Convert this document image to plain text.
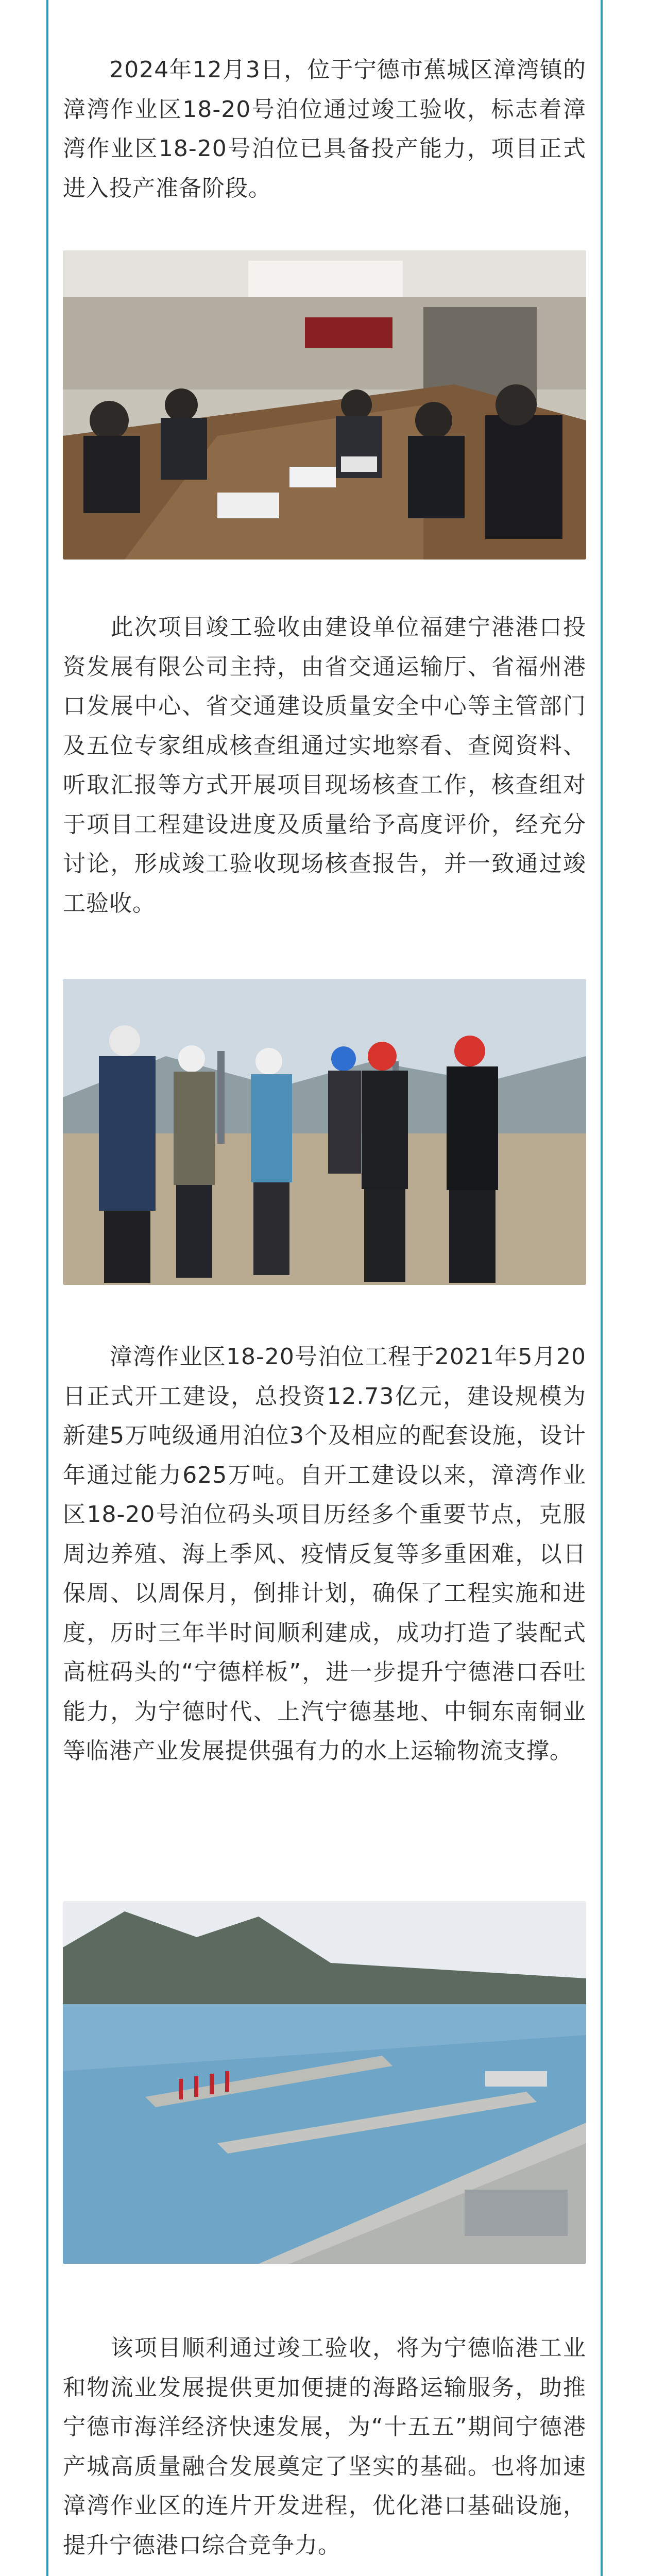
　　2024年12月3日，位于宁德市蕉城区漳湾镇的漳湾作业区18-20号泊位通过竣工验收，标志着漳湾作业区18-20号泊位已具备投产能力，项目正式进入投产准备阶段。

　　此次项目竣工验收由建设单位福建宁港港口投资发展有限公司主持，由省交通运输厅、省福州港口发展中心、省交通建设质量安全中心等主管部门及五位专家组成核查组通过实地察看、查阅资料、听取汇报等方式开展项目现场核查工作，核查组对于项目工程建设进度及质量给予高度评价，经充分讨论，形成竣工验收现场核查报告，并一致通过竣工验收。

　　漳湾作业区18-20号泊位工程于2021年5月20日正式开工建设，总投资12.73亿元，建设规模为新建5万吨级通用泊位3个及相应的配套设施，设计年通过能力625万吨。自开工建设以来，漳湾作业区18-20号泊位码头项目历经多个重要节点，克服周边养殖、海上季风、疫情反复等多重困难，以日保周、以周保月，倒排计划，确保了工程实施和进度，历时三年半时间顺利建成，成功打造了装配式高桩码头的“宁德样板”，进一步提升宁德港口吞吐能力，为宁德时代、上汽宁德基地、中铜东南铜业等临港产业发展提供强有力的水上运输物流支撑。

　　该项目顺利通过竣工验收，将为宁德临港工业和物流业发展提供更加便捷的海路运输服务，助推宁德市海洋经济快速发展，为“十五五”期间宁德港产城高质量融合发展奠定了坚实的基础。也将加速漳湾作业区的连片开发进程，优化港口基础设施，提升宁德港口综合竞争力。
